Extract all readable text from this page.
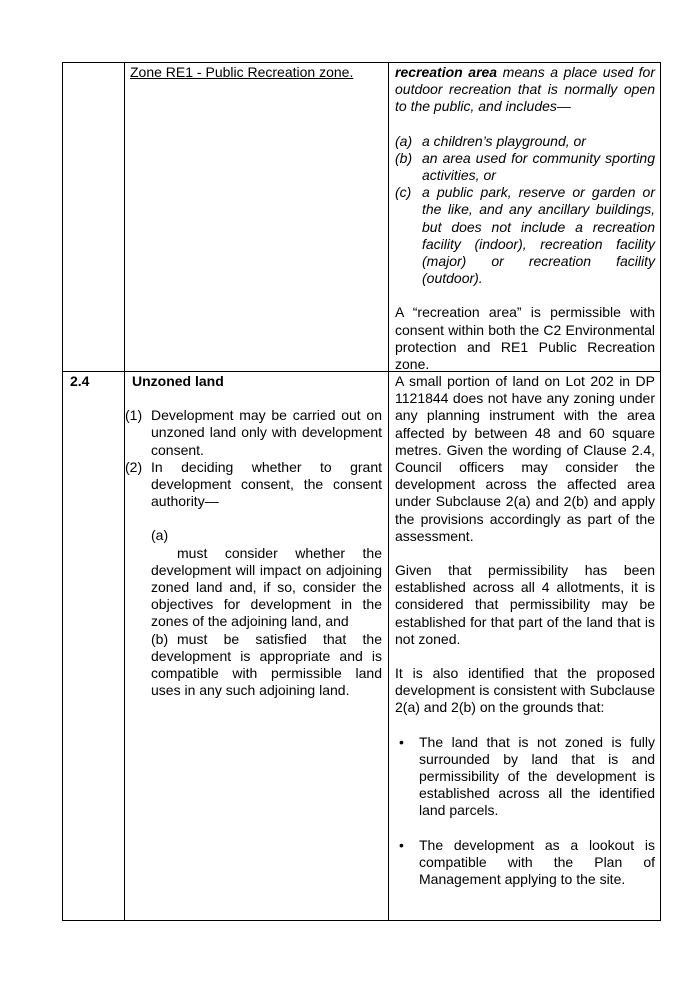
Zone RE1 - Public Recreation zone.	recreation area means a place used for outdoor recreation that is normally open to the public, and includes—

(a) a children’s playground, or
(b) an area used for community sporting activities, or
(c) a public park, reserve or garden or the like, and any ancillary buildings, but does not include a recreation facility (indoor), recreation facility (major) or recreation facility (outdoor).

A “recreation area” is permissible with consent within both the C2 Environmental protection and RE1 Public Recreation zone.

2.4	Unzoned land

(1) Development may be carried out on unzoned land only with development consent.
(2) In deciding whether to grant development consent, the consent authority—
(a)
must consider whether the development will impact on adjoining zoned land and, if so, consider the objectives for development in the zones of the adjoining land, and
(b) must be satisfied that the development is appropriate and is compatible with permissible land uses in any such adjoining land.

A small portion of land on Lot 202 in DP 1121844 does not have any zoning under any planning instrument with the area affected by between 48 and 60 square metres. Given the wording of Clause 2.4, Council officers may consider the development across the affected area under Subclause 2(a) and 2(b) and apply the provisions accordingly as part of the assessment.

Given that permissibility has been established across all 4 allotments, it is considered that permissibility may be established for that part of the land that is not zoned.

It is also identified that the proposed development is consistent with Subclause 2(a) and 2(b) on the grounds that:

• The land that is not zoned is fully surrounded by land that is and permissibility of the development is established across all the identified land parcels.
• The development as a lookout is compatible with the Plan of Management applying to the site.
